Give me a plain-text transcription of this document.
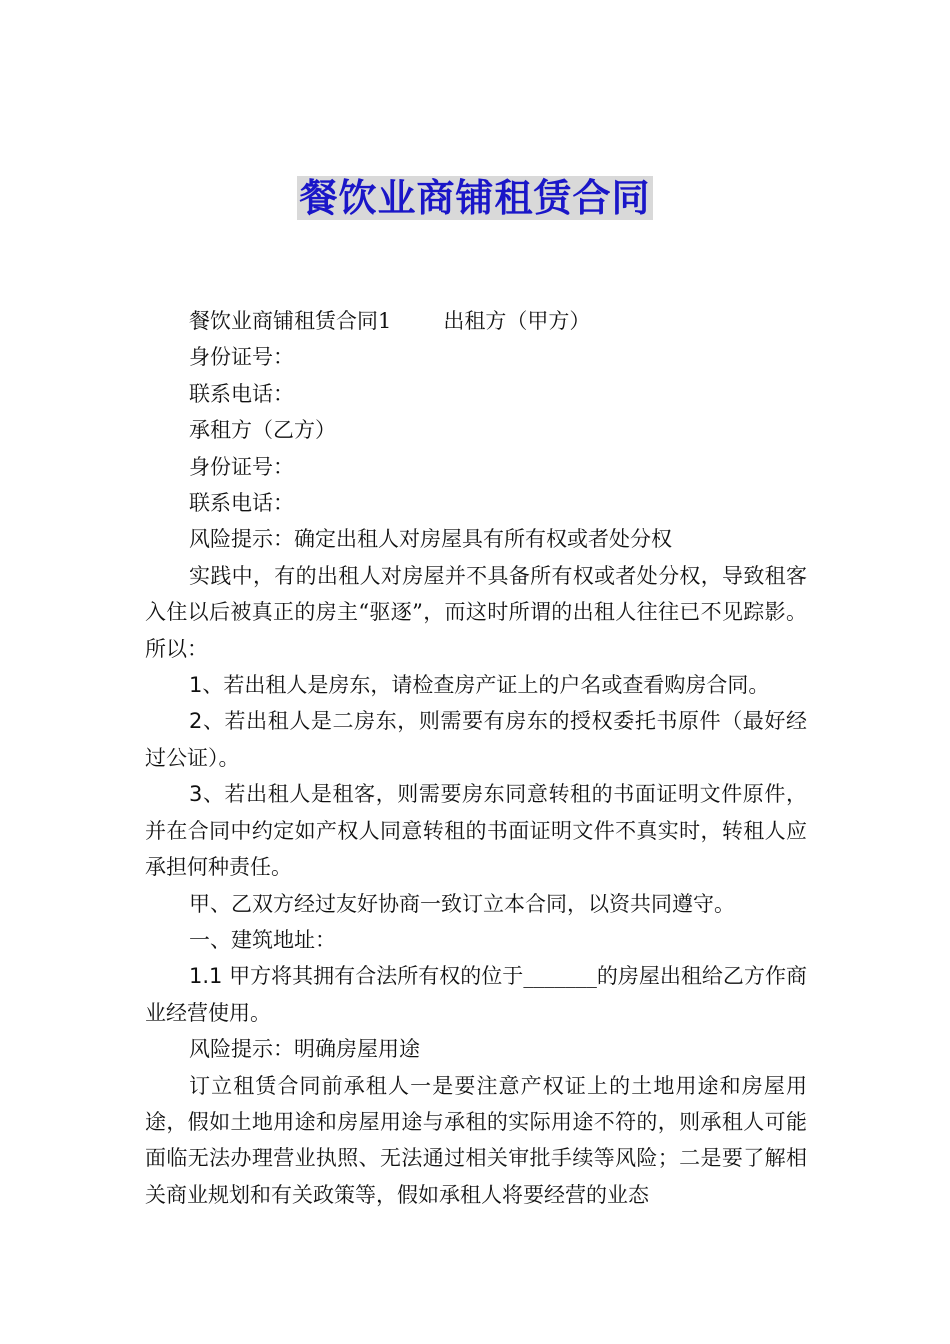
餐饮业商铺租赁合同

餐饮业商铺租赁合同1 出租方（甲方）

身份证号：

联系电话：

承租方（乙方）

身份证号：

联系电话：

风险提示：确定出租人对房屋具有所有权或者处分权

实践中，有的出租人对房屋并不具备所有权或者处分权，导致租客入住以后被真正的房主“驱逐”，而这时所谓的出租人往往已不见踪影。所以：

1、若出租人是房东，请检查房产证上的户名或查看购房合同。

2、若出租人是二房东，则需要有房东的授权委托书原件（最好经过公证）。

3、若出租人是租客，则需要房东同意转租的书面证明文件原件，并在合同中约定如产权人同意转租的书面证明文件不真实时，转租人应承担何种责任。

甲、乙双方经过友好协商一致订立本合同，以资共同遵守。

一、建筑地址：

1.1 甲方将其拥有合法所有权的位于_______的房屋出租给乙方作商业经营使用。

风险提示：明确房屋用途

订立租赁合同前承租人一是要注意产权证上的土地用途和房屋用途，假如土地用途和房屋用途与承租的实际用途不符的，则承租人可能面临无法办理营业执照、无法通过相关审批手续等风险；二是要了解相关商业规划和有关政策等，假如承租人将要经营的业态
